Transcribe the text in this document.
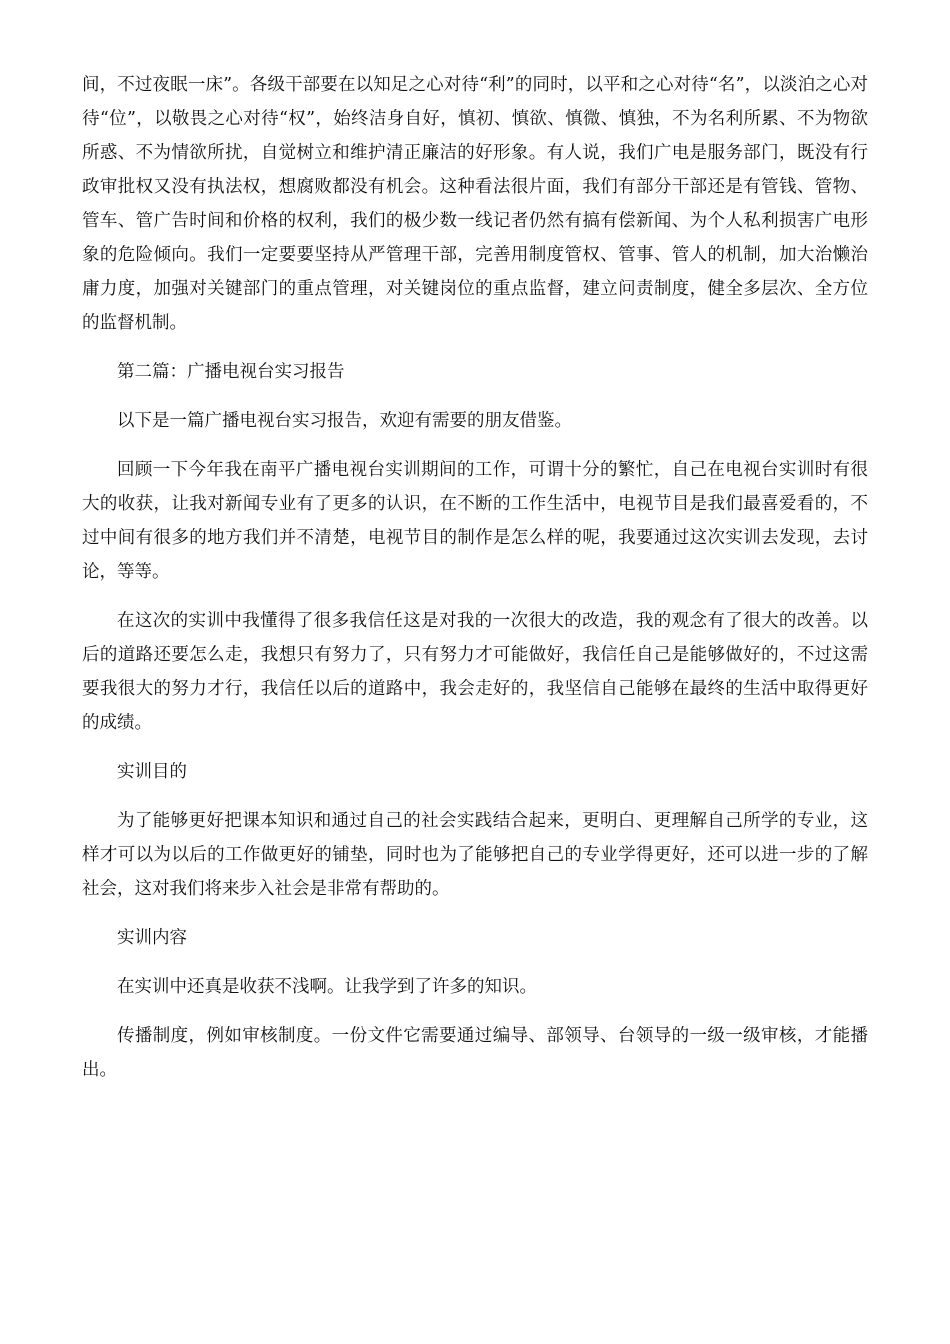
间，不过夜眠一床”。各级干部要在以知足之心对待“利”的同时，以平和之心对待“名”，以淡泊之心对待“位”，以敬畏之心对待“权”，始终洁身自好，慎初、慎欲、慎微、慎独，不为名利所累、不为物欲所惑、不为情欲所扰，自觉树立和维护清正廉洁的好形象。有人说，我们广电是服务部门，既没有行政审批权又没有执法权，想腐败都没有机会。这种看法很片面，我们有部分干部还是有管钱、管物、管车、管广告时间和价格的权利，我们的极少数一线记者仍然有搞有偿新闻、为个人私利损害广电形象的危险倾向。我们一定要要坚持从严管理干部，完善用制度管权、管事、管人的机制，加大治懒治庸力度，加强对关键部门的重点管理，对关键岗位的重点监督，建立问责制度，健全多层次、全方位的监督机制。

第二篇：广播电视台实习报告

以下是一篇广播电视台实习报告，欢迎有需要的朋友借鉴。

回顾一下今年我在南平广播电视台实训期间的工作，可谓十分的繁忙，自己在电视台实训时有很大的收获，让我对新闻专业有了更多的认识，在不断的工作生活中，电视节目是我们最喜爱看的，不过中间有很多的地方我们并不清楚，电视节目的制作是怎么样的呢，我要通过这次实训去发现，去讨论，等等。

在这次的实训中我懂得了很多我信任这是对我的一次很大的改造，我的观念有了很大的改善。以后的道路还要怎么走，我想只有努力了，只有努力才可能做好，我信任自己是能够做好的，不过这需要我很大的努力才行，我信任以后的道路中，我会走好的，我坚信自己能够在最终的生活中取得更好的成绩。

实训目的

为了能够更好把课本知识和通过自己的社会实践结合起来，更明白、更理解自己所学的专业，这样才可以为以后的工作做更好的铺垫，同时也为了能够把自己的专业学得更好，还可以进一步的了解社会，这对我们将来步入社会是非常有帮助的。

实训内容

在实训中还真是收获不浅啊。让我学到了许多的知识。

传播制度，例如审核制度。一份文件它需要通过编导、部领导、台领导的一级一级审核，才能播出。
